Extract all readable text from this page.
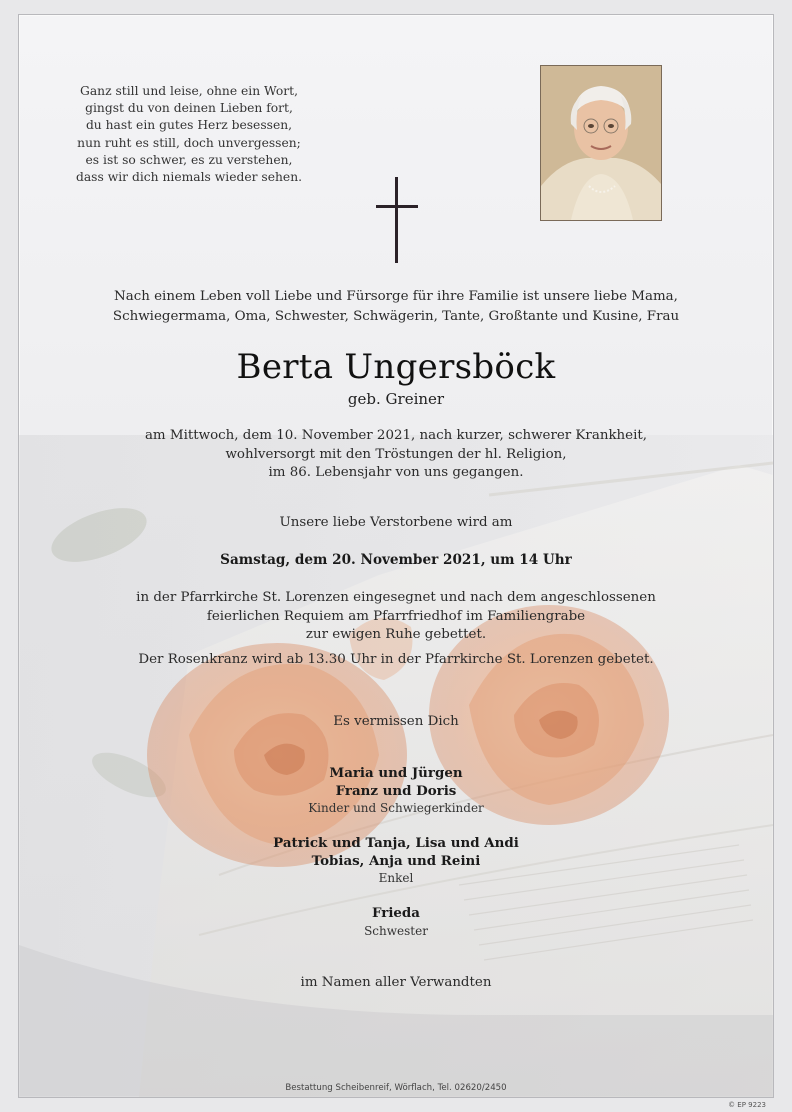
Ganz still und leise, ohne ein Wort,
gingst du von deinen Lieben fort,
du hast ein gutes Herz besessen,
nun ruht es still, doch unvergessen;
es ist so schwer, es zu verstehen,
dass wir dich niemals wieder sehen.
Nach einem Leben voll Liebe und Fürsorge für ihre Familie ist unsere liebe Mama,
Schwiegermama, Oma, Schwester, Schwägerin, Tante, Großtante und Kusine, Frau
Berta Ungersböck
geb. Greiner
am Mittwoch, dem 10. November 2021, nach kurzer, schwerer Krankheit,
wohlversorgt mit den Tröstungen der hl. Religion,
im 86. Lebensjahr von uns gegangen.
Unsere liebe Verstorbene wird am
Samstag, dem 20. November 2021, um 14 Uhr
in der Pfarrkirche St. Lorenzen eingesegnet und nach dem angeschlossenen
feierlichen Requiem am Pfarrfriedhof im Familiengrabe
zur ewigen Ruhe gebettet.
Der Rosenkranz wird ab 13.30 Uhr in der Pfarrkirche St. Lorenzen gebetet.
Es vermissen Dich
Maria und Jürgen
Franz und Doris
Kinder und Schwiegerkinder
Patrick und Tanja, Lisa und Andi
Tobias, Anja und Reini
Enkel
Frieda
Schwester
im Namen aller Verwandten
Bestattung Scheibenreif, Wörflach, Tel. 02620/2450
© EP 9223
